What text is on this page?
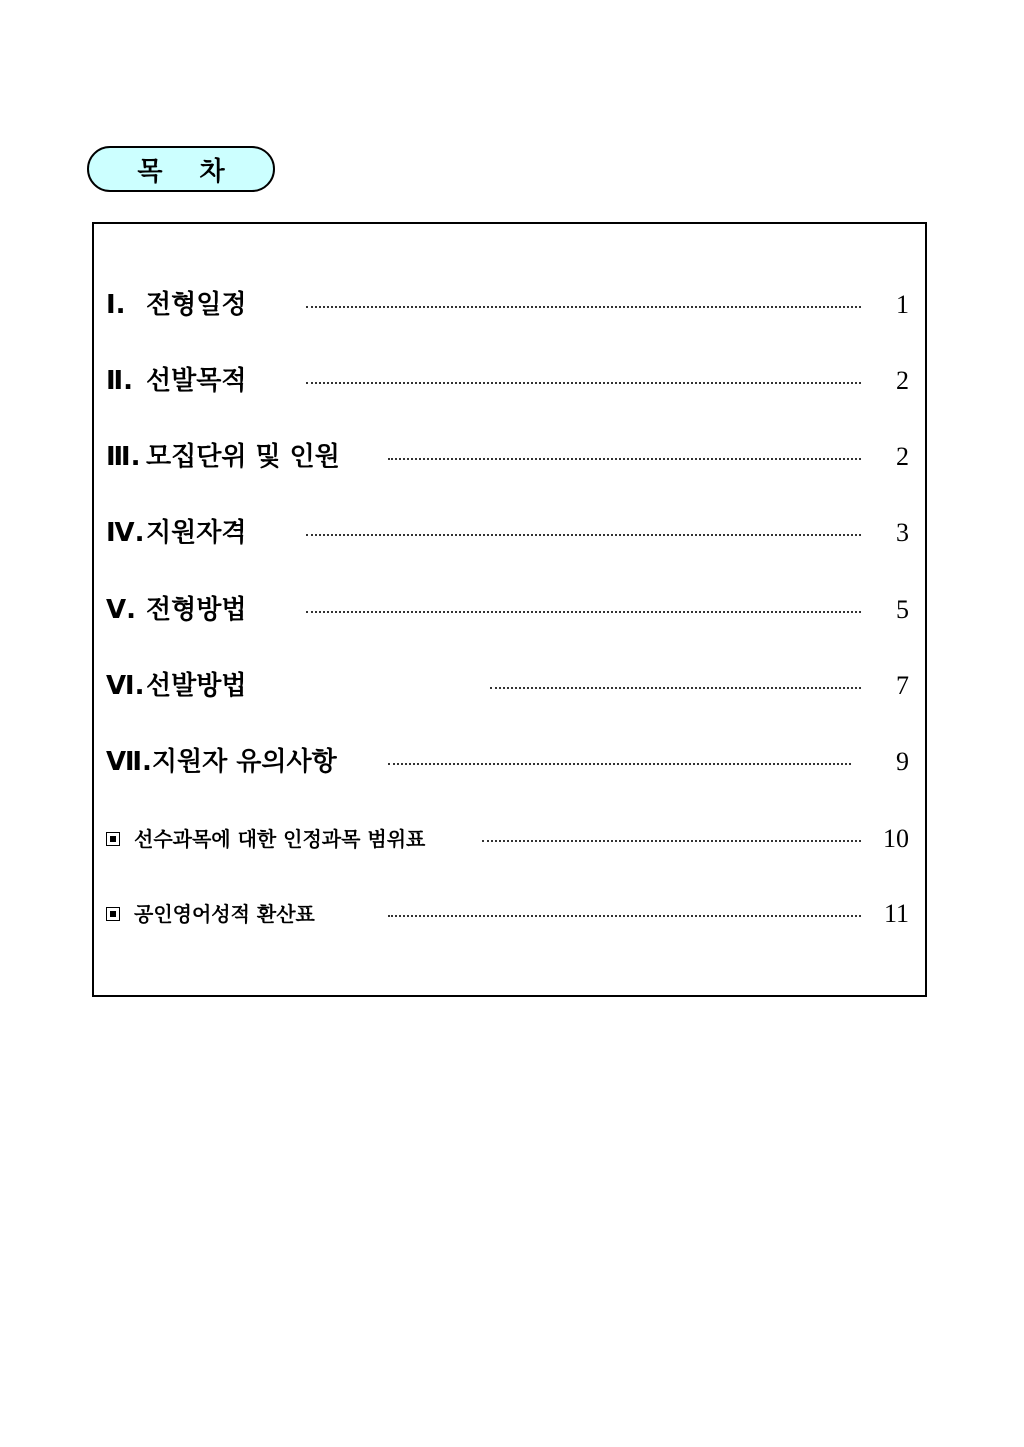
목 차
Ⅰ. 전형일정	1
Ⅱ. 선발목적	2
Ⅲ. 모집단위 및 인원	2
Ⅳ.지원자격	3
Ⅴ. 전형방법	5
Ⅵ.선발방법	7
Ⅶ.지원자 유의사항	9
선수과목에 대한 인정과목 범위표	10
공인영어성적 환산표	11
